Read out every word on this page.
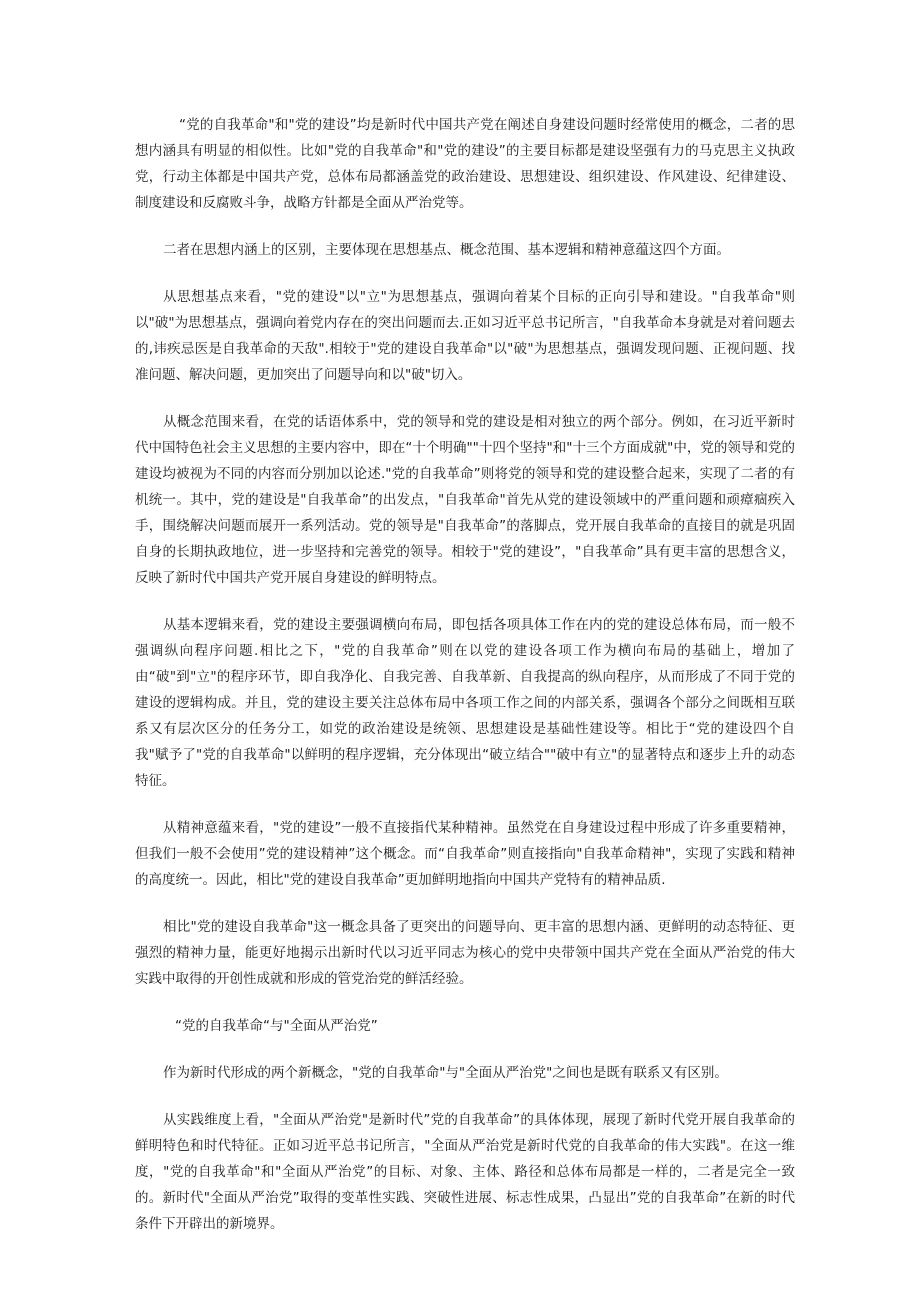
“党的自我革命"和"党的建设”均是新时代中国共产党在阐述自身建设问题时经常使用的概念，二者的思想内涵具有明显的相似性。比如"党的自我革命"和"党的建设”的主要目标都是建设坚强有力的马克思主义执政党，行动主体都是中国共产党，总体布局都涵盖党的政治建设、思想建设、组织建设、作风建设、纪律建设、制度建设和反腐败斗争，战略方针都是全面从严治党等。

二者在思想内涵上的区别，主要体现在思想基点、概念范围、基本逻辑和精神意蕴这四个方面。

从思想基点来看，"党的建设"以"立"为思想基点，强调向着某个目标的正向引导和建设。"自我革命"则以"破"为思想基点，强调向着党内存在的突出问题而去.正如习近平总书记所言，"自我革命本身就是对着问题去的,讳疾忌医是自我革命的天敌".相较于"党的建设自我革命"以"破"为思想基点，强调发现问题、正视问题、找准问题、解决问题，更加突出了问题导向和以"破"切入。

从概念范围来看，在党的话语体系中，党的领导和党的建设是相对独立的两个部分。例如，在习近平新时代中国特色社会主义思想的主要内容中，即在“十个明确""十四个坚持"和"十三个方面成就"中，党的领导和党的建设均被视为不同的内容而分别加以论述."党的自我革命”则将党的领导和党的建设整合起来，实现了二者的有机统一。其中，党的建设是"自我革命”的出发点，"自我革命"首先从党的建设领域中的严重问题和顽瘴痼疾入手，围绕解决问题而展开一系列活动。党的领导是"自我革命”的落脚点，党开展自我革命的直接目的就是巩固自身的长期执政地位，进一步坚持和完善党的领导。相较于"党的建设”，"自我革命”具有更丰富的思想含义，反映了新时代中国共产党开展自身建设的鲜明特点。

从基本逻辑来看，党的建设主要强调横向布局，即包括各项具体工作在内的党的建设总体布局，而一般不强调纵向程序问题.相比之下，"党的自我革命”则在以党的建设各项工作为横向布局的基础上，增加了由“破"到"立"的程序环节，即自我净化、自我完善、自我革新、自我提高的纵向程序，从而形成了不同于党的建设的逻辑构成。并且，党的建设主要关注总体布局中各项工作之间的内部关系，强调各个部分之间既相互联系又有层次区分的任务分工，如党的政治建设是统领、思想建设是基础性建设等。相比于“党的建设四个自我"赋予了"党的自我革命"以鲜明的程序逻辑，充分体现出“破立结合""破中有立"的显著特点和逐步上升的动态特征。

从精神意蕴来看，"党的建设”一般不直接指代某种精神。虽然党在自身建设过程中形成了许多重要精神，但我们一般不会使用”党的建设精神”这个概念。而“自我革命”则直接指向"自我革命精神"，实现了实践和精神的高度统一。因此，相比"党的建设自我革命”更加鲜明地指向中国共产党特有的精神品质.

相比"党的建设自我革命"这一概念具备了更突出的问题导向、更丰富的思想内涵、更鲜明的动态特征、更强烈的精神力量，能更好地揭示出新时代以习近平同志为核心的党中央带领中国共产党在全面从严治党的伟大实践中取得的开创性成就和形成的管党治党的鲜活经验。

“党的自我革命“与"全面从严治党”

作为新时代形成的两个新概念，"党的自我革命"与"全面从严治党"之间也是既有联系又有区别。

从实践维度上看，"全面从严治党"是新时代”党的自我革命”的具体体现，展现了新时代党开展自我革命的鲜明特色和时代特征。正如习近平总书记所言，"全面从严治党是新时代党的自我革命的伟大实践"。在这一维度，"党的自我革命"和"全面从严治党”的目标、对象、主体、路径和总体布局都是一样的，二者是完全一致的。新时代"全面从严治党”取得的变革性实践、突破性进展、标志性成果，凸显出”党的自我革命”在新的时代条件下开辟出的新境界。
